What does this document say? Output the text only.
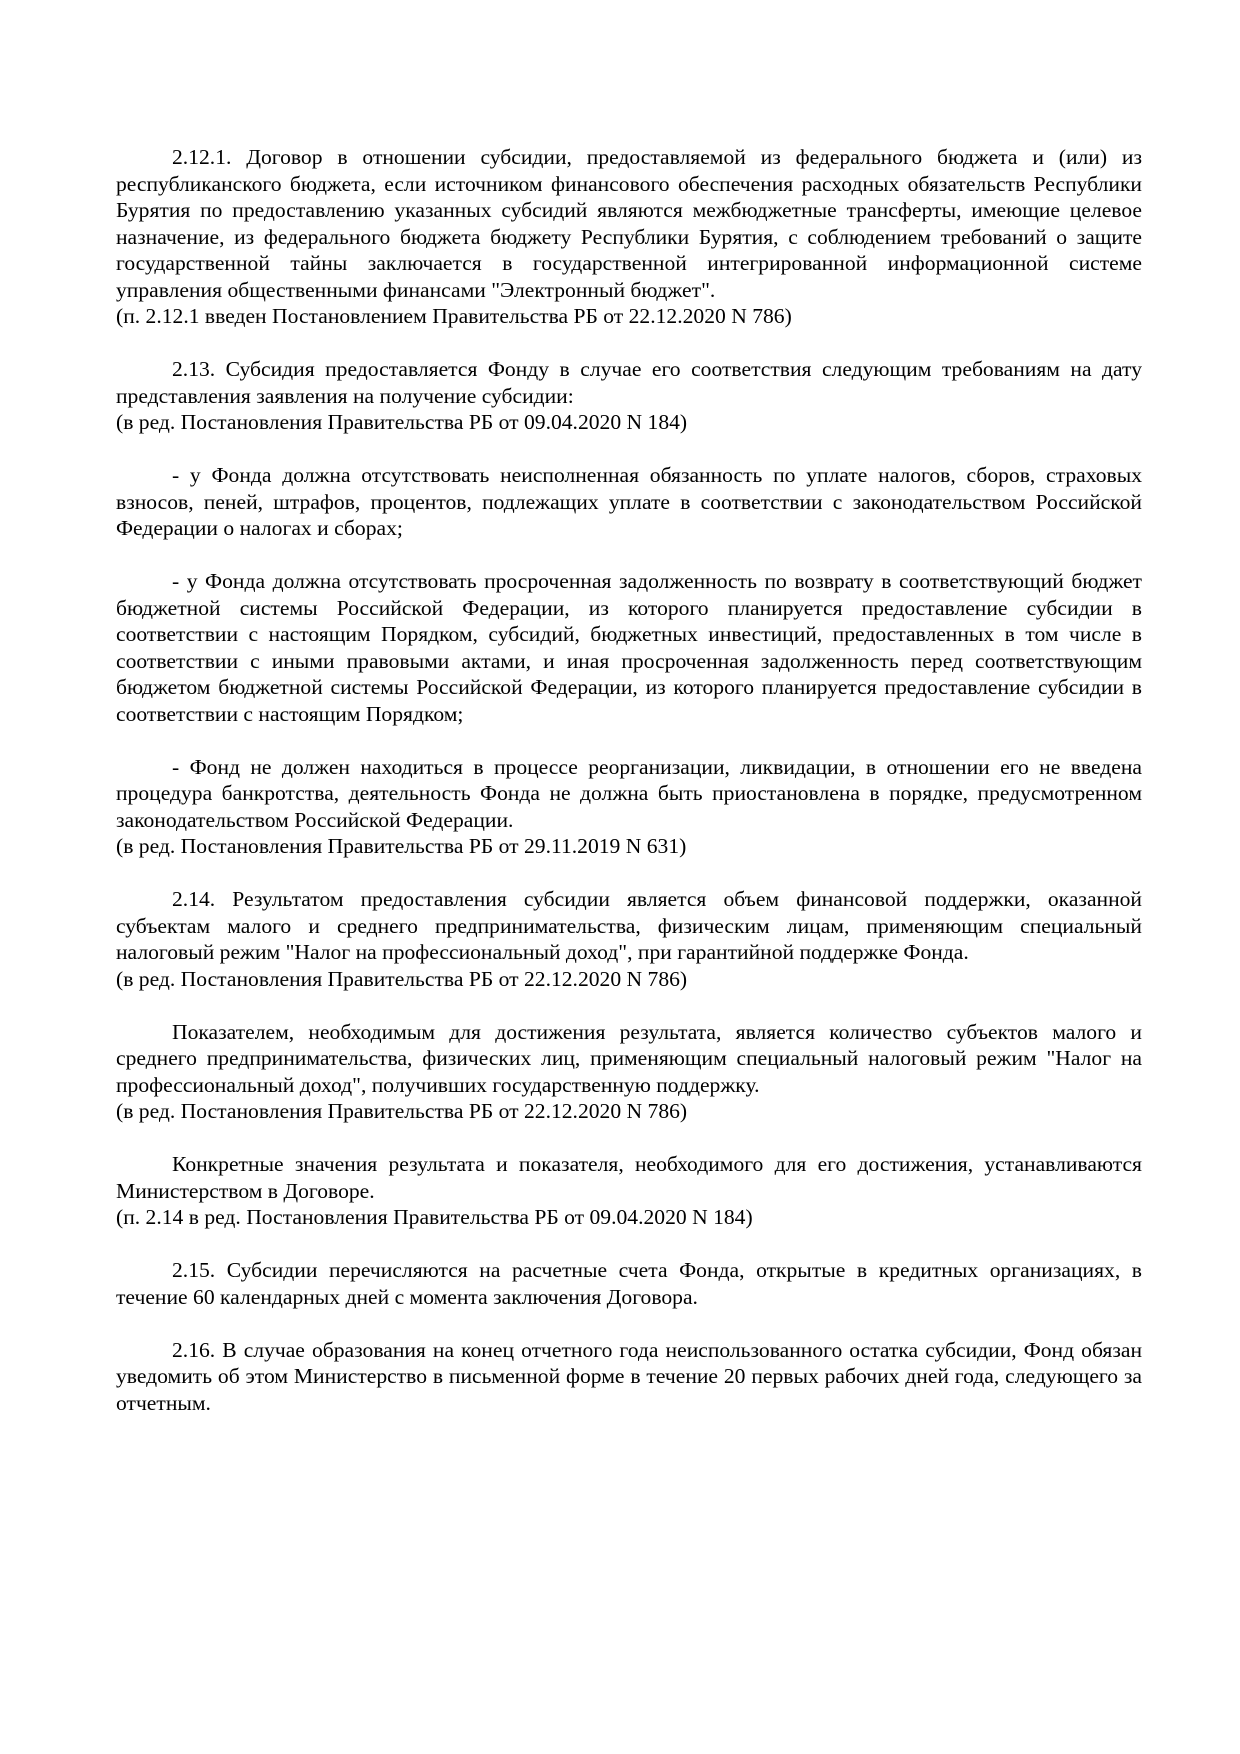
2.12.1. Договор в отношении субсидии, предоставляемой из федерального бюджета и (или) из республиканского бюджета, если источником финансового обеспечения расходных обязательств Республики Бурятия по предоставлению указанных субсидий являются межбюджетные трансферты, имеющие целевое назначение, из федерального бюджета бюджету Республики Бурятия, с соблюдением требований о защите государственной тайны заключается в государственной интегрированной информационной системе управления общественными финансами "Электронный бюджет".

(п. 2.12.1 введен Постановлением Правительства РБ от 22.12.2020 N 786)

2.13. Субсидия предоставляется Фонду в случае его соответствия следующим требованиям на дату представления заявления на получение субсидии:

(в ред. Постановления Правительства РБ от 09.04.2020 N 184)

- у Фонда должна отсутствовать неисполненная обязанность по уплате налогов, сборов, страховых взносов, пеней, штрафов, процентов, подлежащих уплате в соответствии с законодательством Российской Федерации о налогах и сборах;

- у Фонда должна отсутствовать просроченная задолженность по возврату в соответствующий бюджет бюджетной системы Российской Федерации, из которого планируется предоставление субсидии в соответствии с настоящим Порядком, субсидий, бюджетных инвестиций, предоставленных в том числе в соответствии с иными правовыми актами, и иная просроченная задолженность перед соответствующим бюджетом бюджетной системы Российской Федерации, из которого планируется предоставление субсидии в соответствии с настоящим Порядком;

- Фонд не должен находиться в процессе реорганизации, ликвидации, в отношении его не введена процедура банкротства, деятельность Фонда не должна быть приостановлена в порядке, предусмотренном законодательством Российской Федерации.

(в ред. Постановления Правительства РБ от 29.11.2019 N 631)

2.14. Результатом предоставления субсидии является объем финансовой поддержки, оказанной субъектам малого и среднего предпринимательства, физическим лицам, применяющим специальный налоговый режим "Налог на профессиональный доход", при гарантийной поддержке Фонда.

(в ред. Постановления Правительства РБ от 22.12.2020 N 786)

Показателем, необходимым для достижения результата, является количество субъектов малого и среднего предпринимательства, физических лиц, применяющим специальный налоговый режим "Налог на профессиональный доход", получивших государственную поддержку.

(в ред. Постановления Правительства РБ от 22.12.2020 N 786)

Конкретные значения результата и показателя, необходимого для его достижения, устанавливаются Министерством в Договоре.

(п. 2.14 в ред. Постановления Правительства РБ от 09.04.2020 N 184)

2.15. Субсидии перечисляются на расчетные счета Фонда, открытые в кредитных организациях, в течение 60 календарных дней с момента заключения Договора.

2.16. В случае образования на конец отчетного года неиспользованного остатка субсидии, Фонд обязан уведомить об этом Министерство в письменной форме в течение 20 первых рабочих дней года, следующего за отчетным.
